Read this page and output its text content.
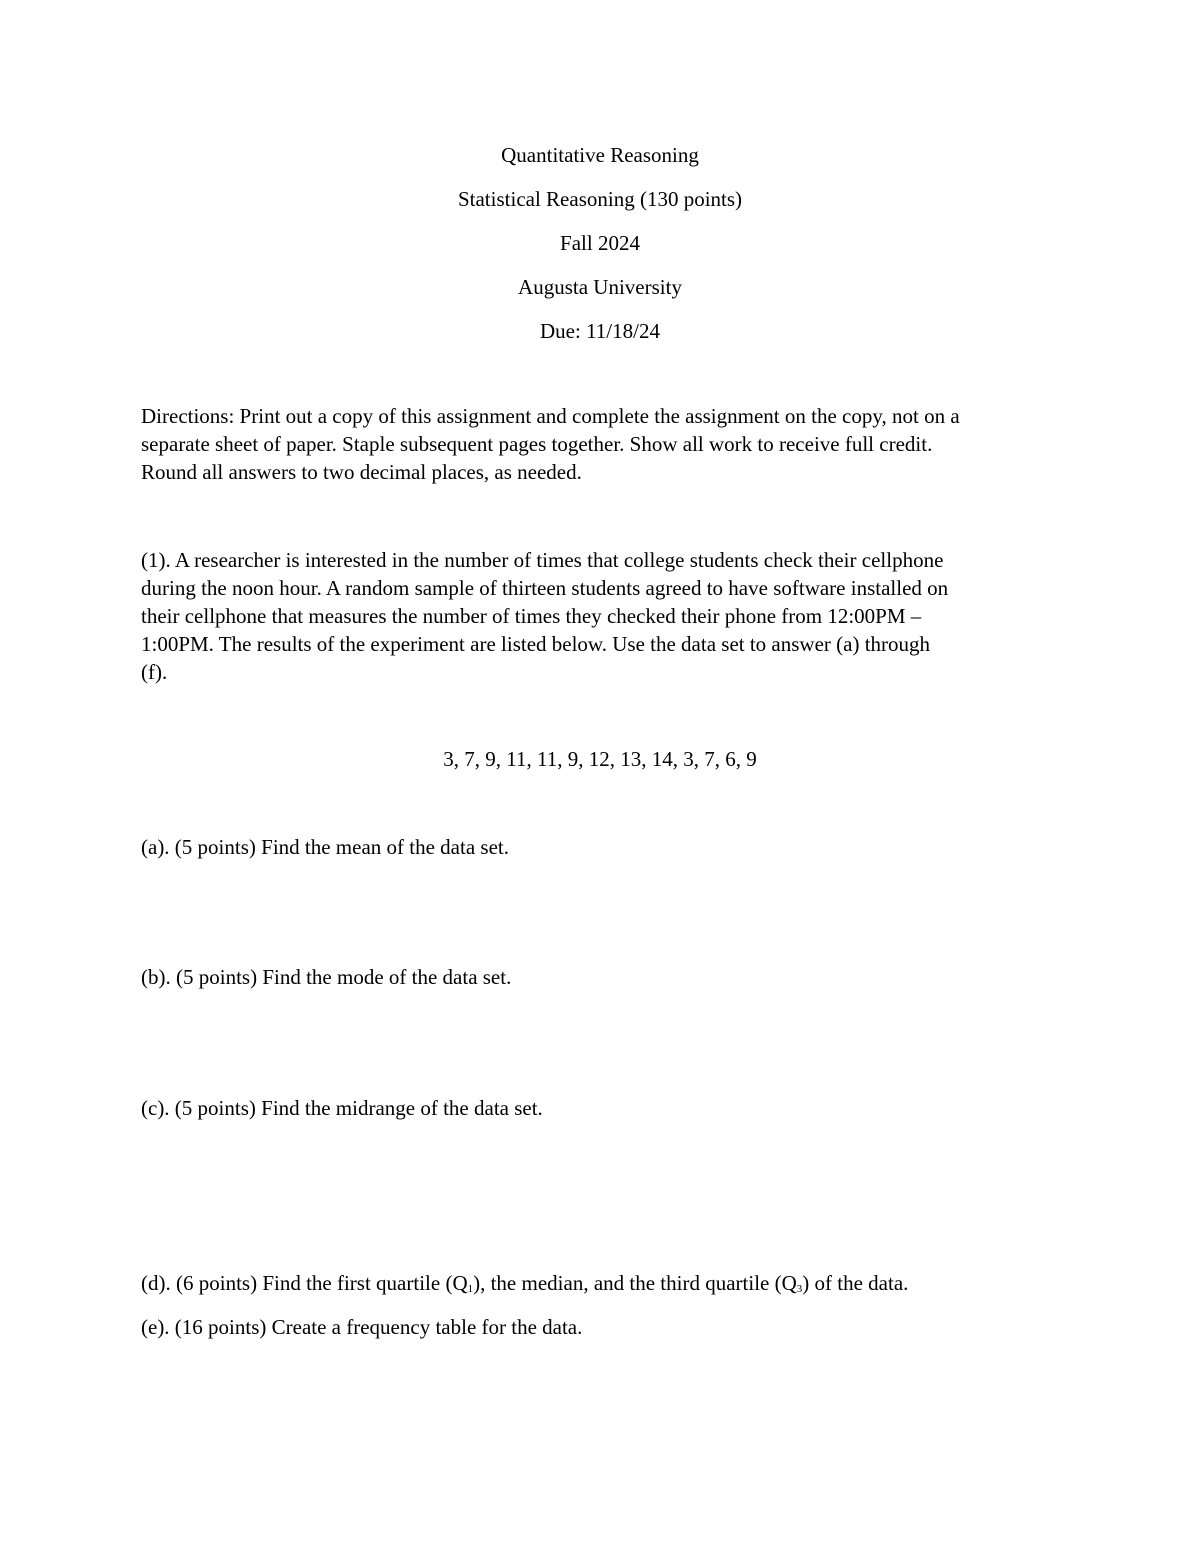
Quantitative Reasoning
Statistical Reasoning (130 points)
Fall 2024
Augusta University
Due: 11/18/24
Directions: Print out a copy of this assignment and complete the assignment on the copy, not on a
separate sheet of paper. Staple subsequent pages together. Show all work to receive full credit.
Round all answers to two decimal places, as needed.
(1). A researcher is interested in the number of times that college students check their cellphone
during the noon hour. A random sample of thirteen students agreed to have software installed on
their cellphone that measures the number of times they checked their phone from 12:00PM –
1:00PM. The results of the experiment are listed below. Use the data set to answer (a) through
(f).
3, 7, 9, 11, 11, 9, 12, 13, 14, 3, 7, 6, 9
(a). (5 points) Find the mean of the data set.
(b). (5 points) Find the mode of the data set.
(c). (5 points) Find the midrange of the data set.
(d). (6 points) Find the first quartile $(Q_1)$, the median, and the third quartile $(Q_3)$ of the data.
(e). (16 points) Create a frequency table for the data.
